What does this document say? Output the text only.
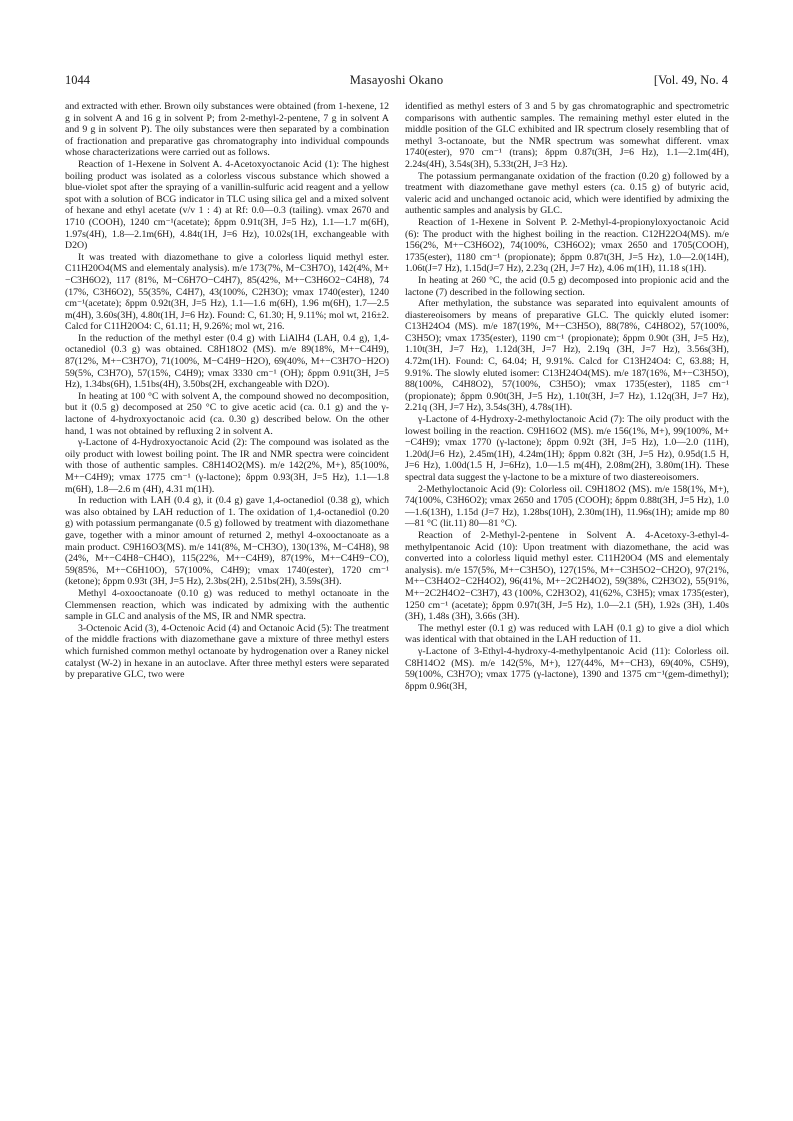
1044	Masayoshi Okano	[Vol. 49, No. 4

and extracted with ether. Brown oily substances were obtained (from 1-hexene, 12 g in solvent A and 16 g in solvent P; from 2-methyl-2-pentene, 7 g in solvent A and 9 g in solvent P). The oily substances were then separated by a combination of fractionation and preparative gas chromatography into individual compounds whose characterizations were carried out as follows.

Reaction of 1-Hexene in Solvent A. 4-Acetoxyoctanoic Acid (1): The highest boiling product was isolated as a colorless viscous substance which showed a blue-violet spot after the spraying of a vanillin-sulfuric acid reagent and a yellow spot with a solution of BCG indicator in TLC using silica gel and a mixed solvent of hexane and ethyl acetate (v/v 1 : 4) at Rf: 0.0—0.3 (tailing). νmax 2670 and 1710 (COOH), 1240 cm⁻¹(acetate); δppm 0.91t(3H, J=5 Hz), 1.1—1.7 m(6H), 1.97s(4H), 1.8—2.1m(6H), 4.84t(1H, J=6 Hz), 10.02s(1H, exchangeable with D2O)

It was treated with diazomethane to give a colorless liquid methyl ester. C11H20O4(MS and elementaly analysis). m/e 173(7%, M−C3H7O), 142(4%, M+−C3H6O2), 117 (81%, M−C6H7O−C4H7), 85(42%, M+−C3H6O2−C4H8), 74 (17%, C3H6O2), 55(35%, C4H7), 43(100%, C2H3O); νmax 1740(ester), 1240 cm⁻¹(acetate); δppm 0.92t(3H, J=5 Hz), 1.1—1.6 m(6H), 1.96 m(6H), 1.7—2.5 m(4H), 3.60s(3H), 4.80t(1H, J=6 Hz). Found: C, 61.30; H, 9.11%; mol wt, 216±2. Calcd for C11H20O4: C, 61.11; H, 9.26%; mol wt, 216.

In the reduction of the methyl ester (0.4 g) with LiAlH4 (LAH, 0.4 g), 1,4-octanediol (0.3 g) was obtained. C8H18O2 (MS). m/e 89(18%, M+−C4H9), 87(12%, M+−C3H7O), 71(100%, M−C4H9−H2O), 69(40%, M+−C3H7O−H2O) 59(5%, C3H7O), 57(15%, C4H9); νmax 3330 cm⁻¹ (OH); δppm 0.91t(3H, J=5 Hz), 1.34bs(6H), 1.51bs(4H), 3.50bs(2H, exchangeable with D2O).

In heating at 100 °C with solvent A, the compound showed no decomposition, but it (0.5 g) decomposed at 250 °C to give acetic acid (ca. 0.1 g) and the γ-lactone of 4-hydroxyoctanoic acid (ca. 0.30 g) described below. On the other hand, 1 was not obtained by refluxing 2 in solvent A.

γ-Lactone of 4-Hydroxyoctanoic Acid (2): The compound was isolated as the oily product with lowest boiling point. The IR and NMR spectra were coincident with those of authentic samples. C8H14O2(MS). m/e 142(2%, M+), 85(100%, M+−C4H9); νmax 1775 cm⁻¹ (γ-lactone); δppm 0.93(3H, J=5 Hz), 1.1—1.8 m(6H), 1.8—2.6 m (4H), 4.31 m(1H).

In reduction with LAH (0.4 g), it (0.4 g) gave 1,4-octanediol (0.38 g), which was also obtained by LAH reduction of 1. The oxidation of 1,4-octanediol (0.20 g) with potassium permanganate (0.5 g) followed by treatment with diazomethane gave, together with a minor amount of returned 2, methyl 4-oxooctanoate as a main product. C9H16O3(MS). m/e 141(8%, M−CH3O), 130(13%, M−C4H8), 98 (24%, M+−C4H8−CH4O), 115(22%, M+−C4H9), 87(19%, M+−C4H9−CO), 59(85%, M+−C6H10O), 57(100%, C4H9); νmax 1740(ester), 1720 cm⁻¹ (ketone); δppm 0.93t (3H, J=5 Hz), 2.3bs(2H), 2.51bs(2H), 3.59s(3H).

Methyl 4-oxooctanoate (0.10 g) was reduced to methyl octanoate in the Clemmensen reaction, which was indicated by admixing with the authentic sample in GLC and analysis of the MS, IR and NMR spectra.

3-Octenoic Acid (3), 4-Octenoic Acid (4) and Octanoic Acid (5): The treatment of the middle fractions with diazomethane gave a mixture of three methyl esters which furnished common methyl octanoate by hydrogenation over a Raney nickel catalyst (W-2) in hexane in an autoclave. After three methyl esters were separated by preparative GLC, two were

identified as methyl esters of 3 and 5 by gas chromatographic and spectrometric comparisons with authentic samples. The remaining methyl ester eluted in the middle position of the GLC exhibited and IR spectrum closely resembling that of methyl 3-octanoate, but the NMR spectrum was somewhat different. νmax 1740(ester), 970 cm⁻¹ (trans); δppm 0.87t(3H, J=6 Hz), 1.1—2.1m(4H), 2.24s(4H), 3.54s(3H), 5.33t(2H, J=3 Hz).

The potassium permanganate oxidation of the fraction (0.20 g) followed by a treatment with diazomethane gave methyl esters (ca. 0.15 g) of butyric acid, valeric acid and unchanged octanoic acid, which were identified by admixing the authentic samples and analysis by GLC.

Reaction of 1-Hexene in Solvent P. 2-Methyl-4-propionyloxyoctanoic Acid (6): The product with the highest boiling in the reaction. C12H22O4(MS). m/e 156(2%, M+−C3H6O2), 74(100%, C3H6O2); νmax 2650 and 1705(COOH), 1735(ester), 1180 cm⁻¹ (propionate); δppm 0.87t(3H, J=5 Hz), 1.0—2.0(14H), 1.06t(J=7 Hz), 1.15d(J=7 Hz), 2.23q (2H, J=7 Hz), 4.06 m(1H), 11.18 s(1H).

In heating at 260 °C, the acid (0.5 g) decomposed into propionic acid and the lactone (7) described in the following section.

After methylation, the substance was separated into equivalent amounts of diastereoisomers by means of preparative GLC. The quickly eluted isomer: C13H24O4 (MS). m/e 187(19%, M+−C3H5O), 88(78%, C4H8O2), 57(100%, C3H5O); νmax 1735(ester), 1190 cm⁻¹ (propionate); δppm 0.90t (3H, J=5 Hz), 1.10t(3H, J=7 Hz), 1.12d(3H, J=7 Hz), 2.19q (3H, J=7 Hz), 3.56s(3H), 4.72m(1H). Found: C, 64.04; H, 9.91%. Calcd for C13H24O4: C, 63.88; H, 9.91%. The slowly eluted isomer: C13H24O4(MS). m/e 187(16%, M+−C3H5O), 88(100%, C4H8O2), 57(100%, C3H5O); νmax 1735(ester), 1185 cm⁻¹ (propionate); δppm 0.90t(3H, J=5 Hz), 1.10t(3H, J=7 Hz), 1.12q(3H, J=7 Hz), 2.21q (3H, J=7 Hz), 3.54s(3H), 4.78s(1H).

γ-Lactone of 4-Hydroxy-2-methyloctanoic Acid (7): The oily product with the lowest boiling in the reaction. C9H16O2 (MS). m/e 156(1%, M+), 99(100%, M+−C4H9); νmax 1770 (γ-lactone); δppm 0.92t (3H, J=5 Hz), 1.0—2.0 (11H), 1.20d(J=6 Hz), 2.45m(1H), 4.24m(1H); δppm 0.82t (3H, J=5 Hz), 0.95d(1.5 H, J=6 Hz), 1.00d(1.5 H, J=6Hz), 1.0—1.5 m(4H), 2.08m(2H), 3.80m(1H). These spectral data suggest the γ-lactone to be a mixture of two diastereoisomers.

2-Methyloctanoic Acid (9): Colorless oil. C9H18O2 (MS). m/e 158(1%, M+), 74(100%, C3H6O2); νmax 2650 and 1705 (COOH); δppm 0.88t(3H, J=5 Hz), 1.0—1.6(13H), 1.15d (J=7 Hz), 1.28bs(10H), 2.30m(1H), 11.96s(1H); amide mp 80—81 °C (lit.11) 80—81 °C).

Reaction of 2-Methyl-2-pentene in Solvent A. 4-Acetoxy-3-ethyl-4-methylpentanoic Acid (10): Upon treatment with diazomethane, the acid was converted into a colorless liquid methyl ester. C11H20O4 (MS and elementaly analysis). m/e 157(5%, M+−C3H5O), 127(15%, M+−C3H5O2−CH2O), 97(21%, M+−C3H4O2−C2H4O2), 96(41%, M+−2C2H4O2), 59(38%, C2H3O2), 55(91%, M+−2C2H4O2−C3H7), 43 (100%, C2H3O2), 41(62%, C3H5); νmax 1735(ester), 1250 cm⁻¹ (acetate); δppm 0.97t(3H, J=5 Hz), 1.0—2.1 (5H), 1.92s (3H), 1.40s (3H), 1.48s (3H), 3.66s (3H).

The methyl ester (0.1 g) was reduced with LAH (0.1 g) to give a diol which was identical with that obtained in the LAH reduction of 11.

γ-Lactone of 3-Ethyl-4-hydroxy-4-methylpentanoic Acid (11): Colorless oil. C8H14O2 (MS). m/e 142(5%, M+), 127(44%, M+−CH3), 69(40%, C5H9), 59(100%, C3H7O); νmax 1775 (γ-lactone), 1390 and 1375 cm⁻¹(gem-dimethyl); δppm 0.96t(3H,
